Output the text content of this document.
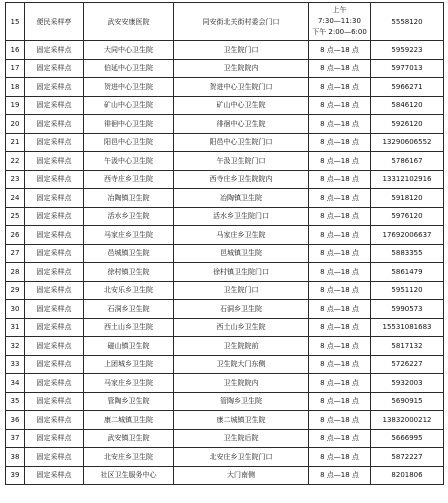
15	便民采样亭	武安安康医院	同安街北关街村委会门口	上午
7:30—11:30
下午 2:00—6:00	5558120
16	固定采样点	大同中心卫生院	卫生院门口	8 点—18 点	5959223
17	固定采样点	伯延中心卫生院	卫生院院内	8 点—18 点	5977013
18	固定采样点	贺进中心卫生院	贺进中心卫生院门口	8 点—18 点	5966271
19	固定采样点	矿山中心卫生院	矿山中心卫生院	8 点—18 点	5846120
20	固定采样点	徘徊中心卫生院	徘徊中心卫生院	8 点—18 点	5926120
21	固定采样点	阳邑中心卫生院	阳邑中心卫生院门口	8 点—18 点	13290606552
22	固定采样点	午汲中心卫生院	午汲卫生院门口	8 点—18 点	5786167
23	固定采样点	西寺庄乡卫生院	西寺庄乡卫生院院内	8 点—18 点	13312102916
24	固定采样点	冶陶镇卫生院	冶陶镇卫生院	8 点—18 点	5918120
25	固定采样点	活水乡卫生院	活水乡卫生院门口	8 点—18 点	5976120
26	固定采样点	马家庄乡卫生院	马家庄乡卫生院	8 点—18 点	17692006637
27	固定采样点	邑城镇卫生院	邑城镇卫生院	8 点—18 点	5883355
28	固定采样点	徐村镇卫生院	徐村镇卫生院门口	8 点—18 点	5861479
29	固定采样点	北安乐乡卫生院	卫生院门口	8 点—18 点	5951120
30	固定采样点	石洞乡卫生院	石洞乡卫生院	8 点—18 点	5990573
31	固定采样点	西土山乡卫生院	西土山乡卫生院	8 点—18 点	15531081683
32	固定采样点	磁山镇卫生院	卫生院院前	8 点—18 点	5817132
33	固定采样点	上团城乡卫生院	卫生院大门东侧	8 点—18 点	5726227
34	固定采样点	马家庄乡卫生院	卫生院院内	8 点—18 点	5932003
35	固定采样点	管陶乡卫生院	管陶乡卫生院	8 点—18 点	5690915
36	固定采样点	康二城镇卫生院	康二城镇卫生院	8 点—18 点	13832000212
37	固定采样点	武安镇卫生院	卫生院后院	8 点—18 点	5666995
38	固定采样点	北安庄乡卫生院	北安庄乡卫生院门口	8 点—18 点	5872227
39	固定采样点	社区卫生服务中心	大门南侧	8 点—18 点	8201806
